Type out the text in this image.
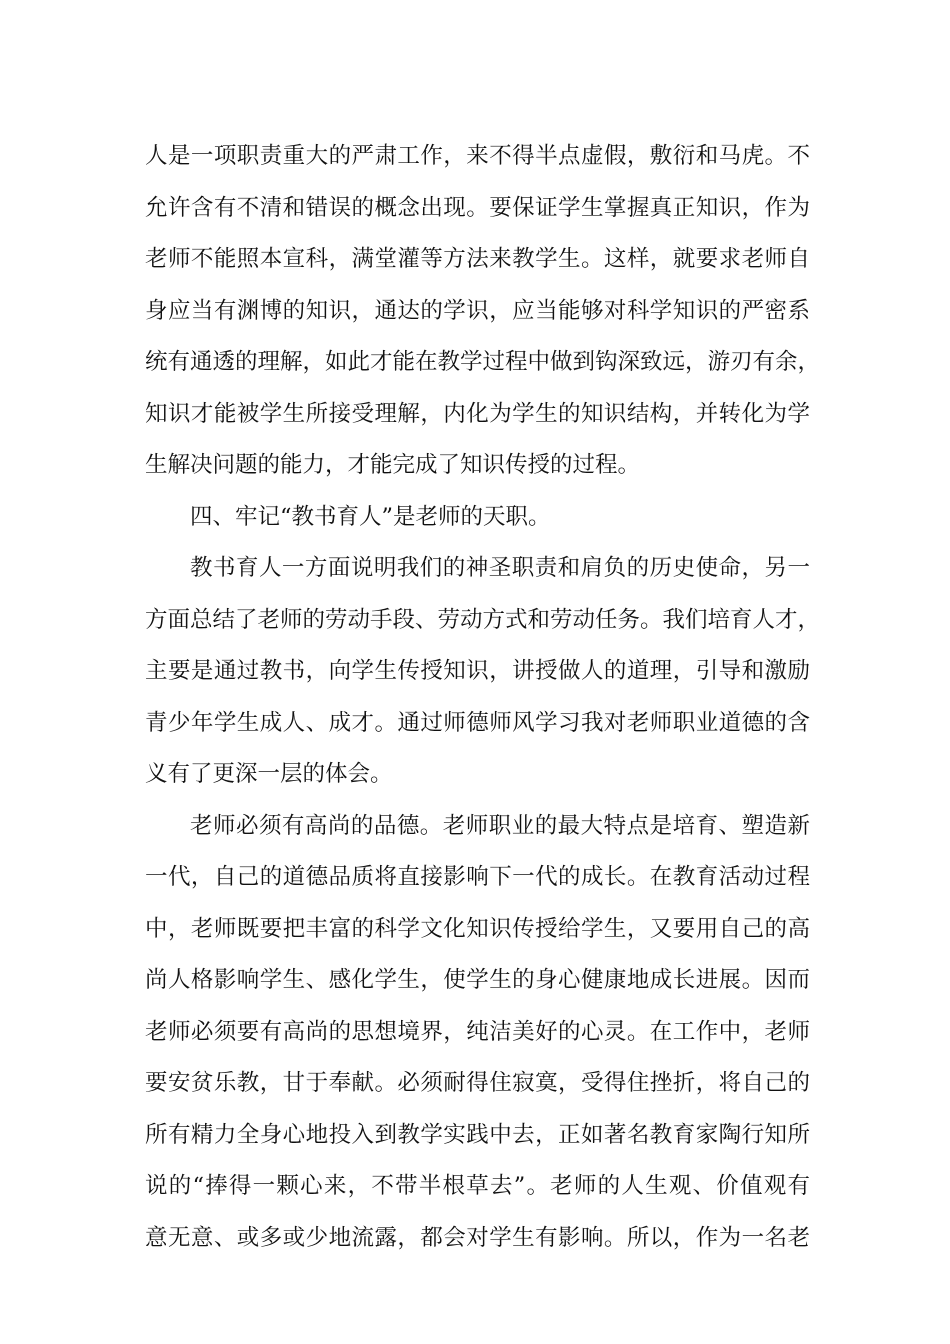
人是一项职责重大的严肃工作，来不得半点虚假，敷衍和马虎。不
允许含有不清和错误的概念出现。要保证学生掌握真正知识，作为
老师不能照本宣科，满堂灌等方法来教学生。这样，就要求老师自
身应当有渊博的知识，通达的学识，应当能够对科学知识的严密系
统有通透的理解，如此才能在教学过程中做到钩深致远，游刃有余，
知识才能被学生所接受理解，内化为学生的知识结构，并转化为学
生解决问题的能力，才能完成了知识传授的过程。
四、牢记“教书育人”是老师的天职。
教书育人一方面说明我们的神圣职责和肩负的历史使命，另一
方面总结了老师的劳动手段、劳动方式和劳动任务。我们培育人才，
主要是通过教书，向学生传授知识，讲授做人的道理，引导和激励
青少年学生成人、成才。通过师德师风学习我对老师职业道德的含
义有了更深一层的体会。
老师必须有高尚的品德。老师职业的最大特点是培育、塑造新
一代，自己的道德品质将直接影响下一代的成长。在教育活动过程
中，老师既要把丰富的科学文化知识传授给学生，又要用自己的高
尚人格影响学生、感化学生，使学生的身心健康地成长进展。因而
老师必须要有高尚的思想境界，纯洁美好的心灵。在工作中，老师
要安贫乐教，甘于奉献。必须耐得住寂寞，受得住挫折，将自己的
所有精力全身心地投入到教学实践中去，正如著名教育家陶行知所
说的“捧得一颗心来，不带半根草去”。老师的人生观、价值观有
意无意、或多或少地流露，都会对学生有影响。所以，作为一名老
